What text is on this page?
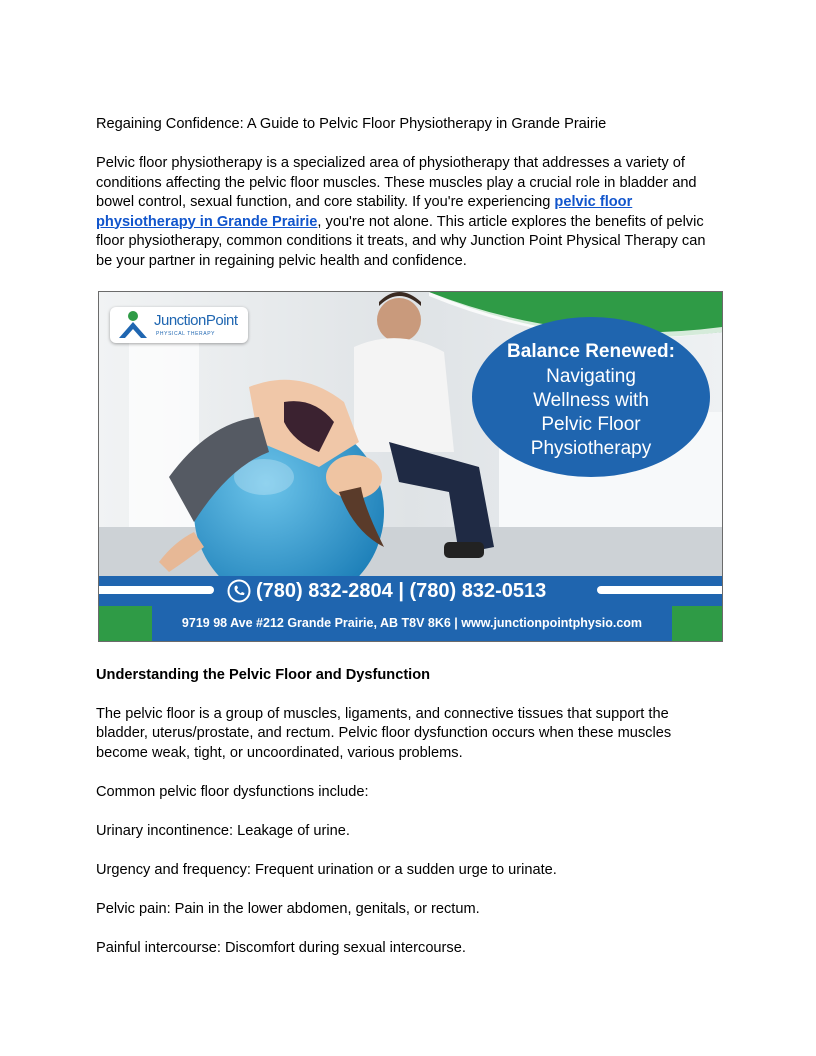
Regaining Confidence: A Guide to Pelvic Floor Physiotherapy in Grande Prairie

Pelvic floor physiotherapy is a specialized area of physiotherapy that addresses a variety of conditions affecting the pelvic floor muscles. These muscles play a crucial role in bladder and bowel control, sexual function, and core stability. If you're experiencing pelvic floor physiotherapy in Grande Prairie, you're not alone. This article explores the benefits of pelvic floor physiotherapy, common conditions it treats, and why Junction Point Physical Therapy can be your partner in regaining pelvic health and confidence.

JunctionPoint
PHYSICAL THERAPY
Balance Renewed:
Navigating
Wellness with
Pelvic Floor
Physiotherapy
(780) 832-2804 | (780) 832-0513
9719 98 Ave #212 Grande Prairie, AB T8V 8K6 | www.junctionpointphysio.com

Understanding the Pelvic Floor and Dysfunction

The pelvic floor is a group of muscles, ligaments, and connective tissues that support the bladder, uterus/prostate, and rectum. Pelvic floor dysfunction occurs when these muscles become weak, tight, or uncoordinated, various problems.

Common pelvic floor dysfunctions include:

Urinary incontinence: Leakage of urine.

Urgency and frequency: Frequent urination or a sudden urge to urinate.

Pelvic pain: Pain in the lower abdomen, genitals, or rectum.

Painful intercourse: Discomfort during sexual intercourse.
